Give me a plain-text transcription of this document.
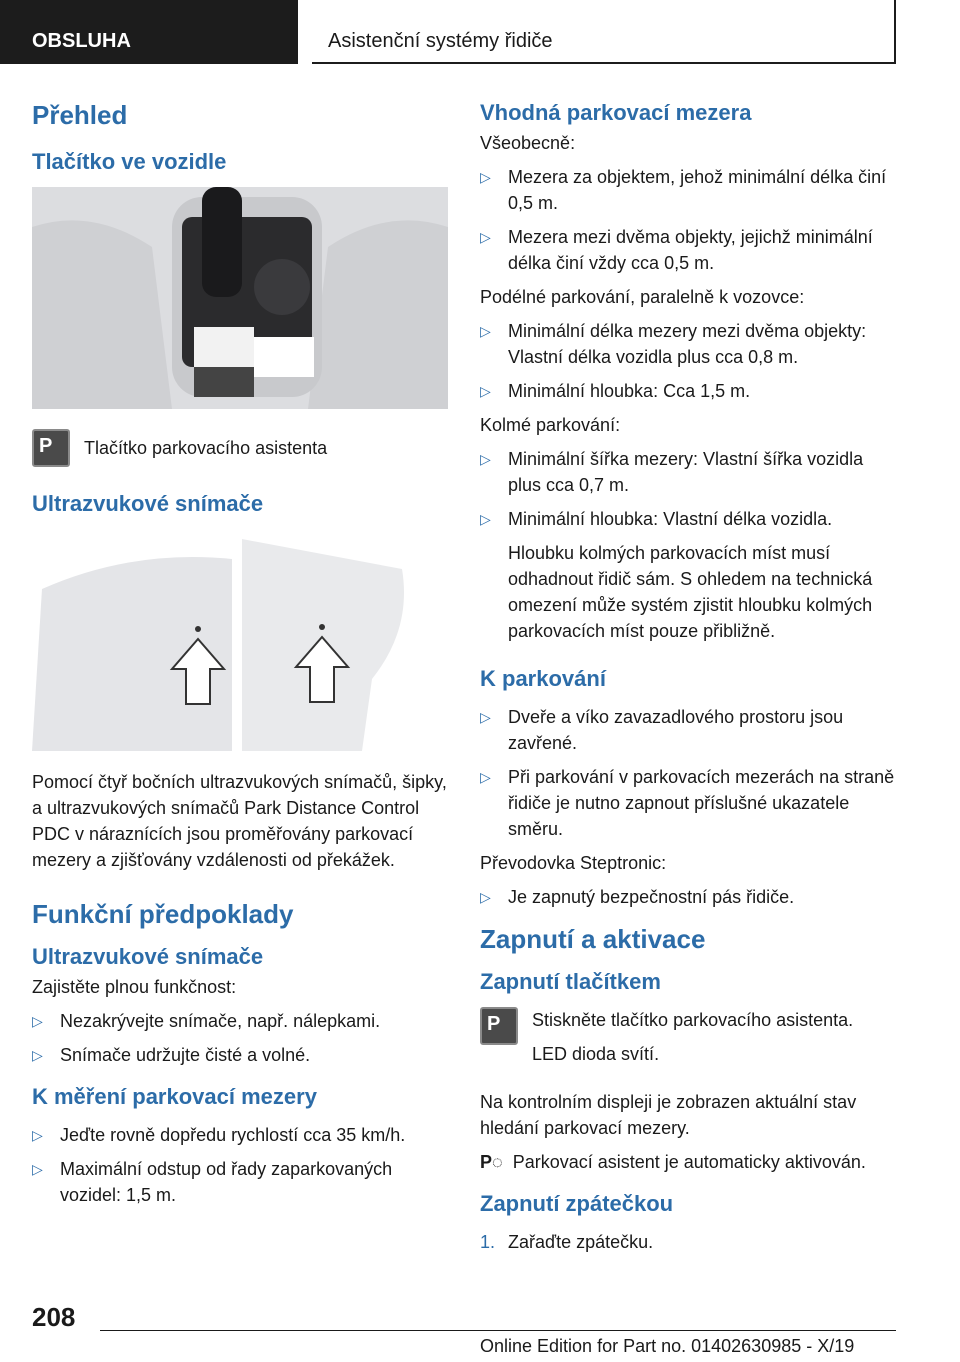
OBSLUHA	Asistenční systémy řidiče
Přehled
Tlačítko ve vozidle
P Tlačítko parkovacího asistenta

Ultrazvukové snímače

Pomocí čtyř bočních ultrazvukových snímačů, šipky, a ultrazvukových snímačů Park Distance Control PDC v náraznících jsou proměřovány parkovací mezery a zjišťovány vzdálenosti od překážek.

Funkční předpoklady
Ultrazvukové snímače

Zajistěte plnou funkčnost:

▷ Nezakrývejte snímače, např. nálepkami.
▷ Snímače udržujte čisté a volné.
K měření parkovací mezery
▷ Jeďte rovně dopředu rychlostí cca 35 km/h.
▷ Maximální odstup od řady zaparkovaných vozidel: 1,5 m.
Vhodná parkovací mezera

Všeobecně:

▷ Mezera za objektem, jehož minimální délka činí 0,5 m.
▷ Mezera mezi dvěma objekty, jejichž minimální délka činí vždy cca 0,5 m.

Podélné parkování, paralelně k vozovce:

▷ Minimální délka mezery mezi dvěma objekty: Vlastní délka vozidla plus cca 0,8 m.
▷ Minimální hloubka: Cca 1,5 m.

Kolmé parkování:

▷ Minimální šířka mezery: Vlastní šířka vozidla plus cca 0,7 m.
▷ Minimální hloubka: Vlastní délka vozidla.

Hloubku kolmých parkovacích míst musí odhadnout řidič sám. S ohledem na technická omezení může systém zjistit hloubku kolmých parkovacích míst pouze přibližně.

K parkování
▷ Dveře a víko zavazadlového prostoru jsou zavřené.
▷ Při parkování v parkovacích mezerách na straně řidiče je nutno zapnout příslušné ukazatele směru.

Převodovka Steptronic:

▷ Je zapnutý bezpečnostní pás řidiče.
Zapnutí a aktivace
Zapnutí tlačítkem
P Stiskněte tlačítko parkovacího asistenta.

LED dioda svítí.

Na kontrolním displeji je zobrazen aktuální stav hledání parkovací mezery.

P◌ Parkovací asistent je automaticky aktivován.

Zapnutí zpátečkou
1. Zařaďte zpátečku.
208
Online Edition for Part no. 01402630985 - X/19
